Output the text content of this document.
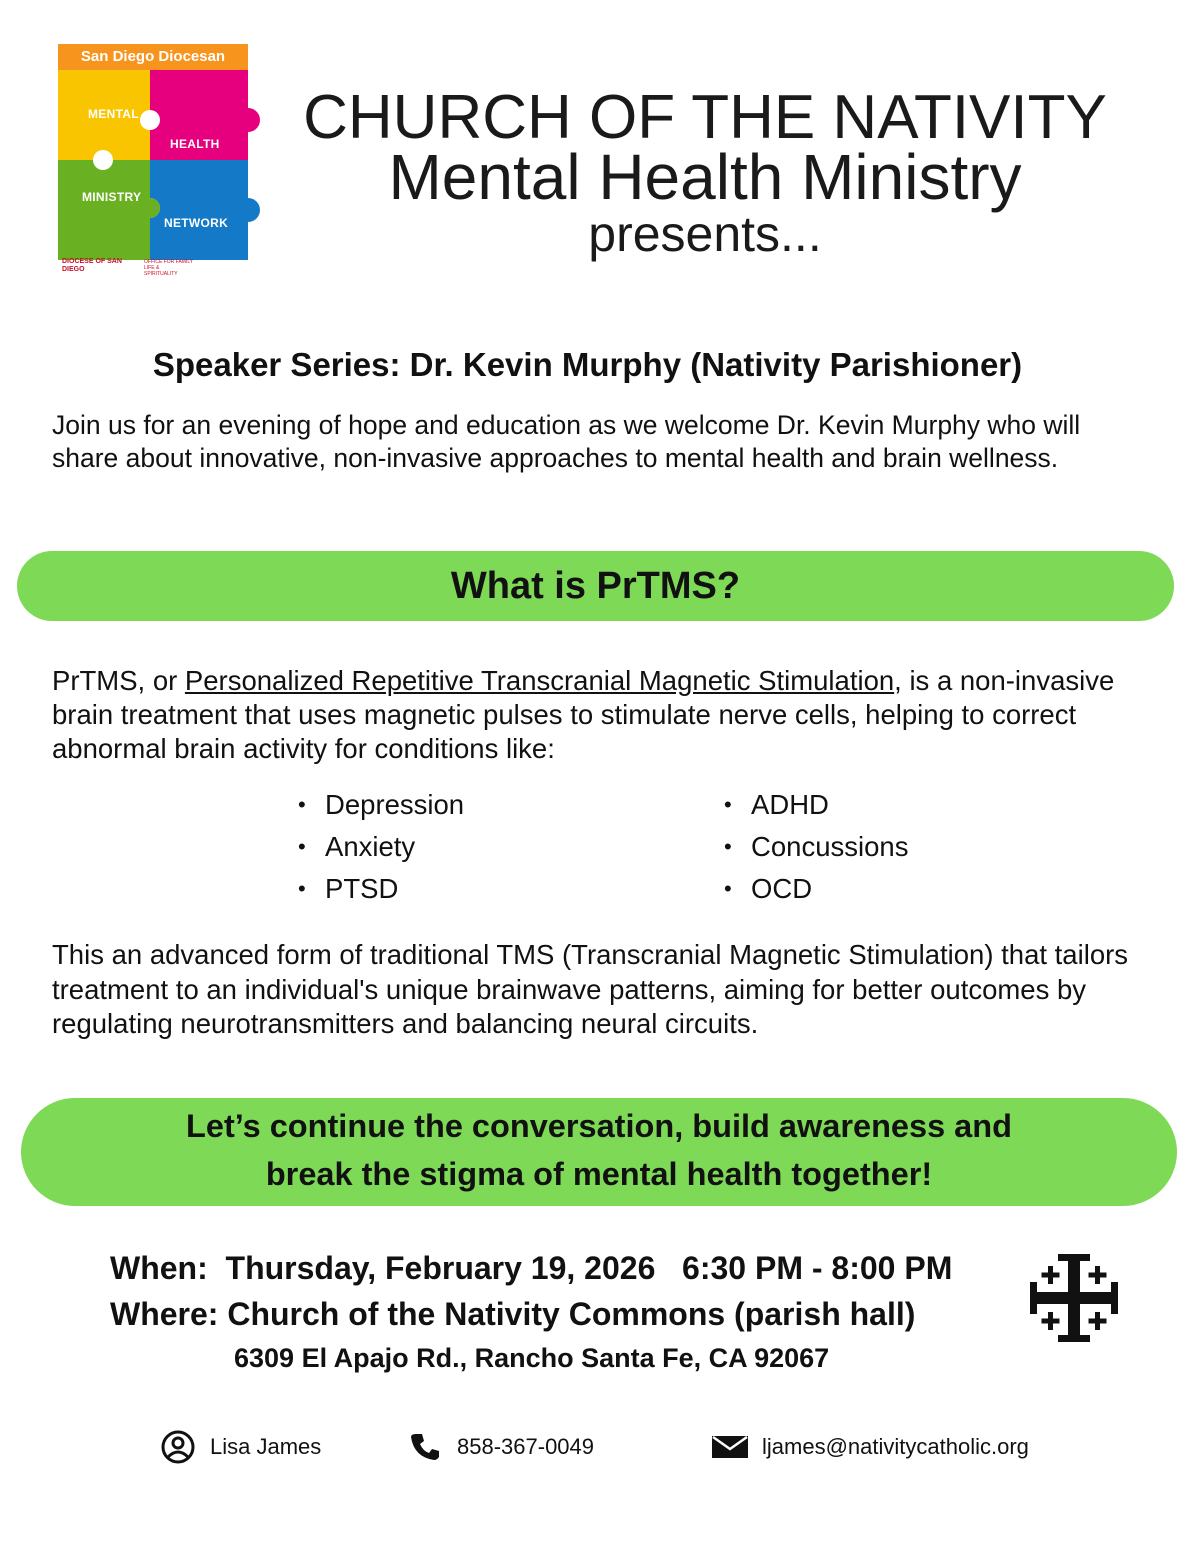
San Diego Diocesan
MENTAL
HEALTH
MINISTRY
NETWORK
DIOCESE OF SAN DIEGO
OFFICE FOR FAMILY LIFE & SPIRITUALITY
CHURCH OF THE NATIVITY
Mental Health Ministry
presents...
Speaker Series: Dr. Kevin Murphy (Nativity Parishioner)
Join us for an evening of hope and education as we welcome Dr. Kevin Murphy who will share about innovative, non-invasive approaches to mental health and brain wellness.
What is PrTMS?
PrTMS, or Personalized Repetitive Transcranial Magnetic Stimulation, is a non-invasive brain treatment that uses magnetic pulses to stimulate nerve cells, helping to correct abnormal brain activity for conditions like:
• Depression
• Anxiety
• PTSD
• ADHD
• Concussions
• OCD
This an advanced form of traditional TMS (Transcranial Magnetic Stimulation) that tailors treatment to an individual's unique brainwave patterns, aiming for better outcomes by regulating neurotransmitters and balancing neural circuits.
Let’s continue the conversation, build awareness and
break the stigma of mental health together!
When: Thursday, February 19, 2026   6:30 PM - 8:00 PM
Where: Church of the Nativity Commons (parish hall)
6309 El Apajo Rd., Rancho Santa Fe, CA 92067
Lisa James	858-367-0049	ljames@nativitycatholic.org
